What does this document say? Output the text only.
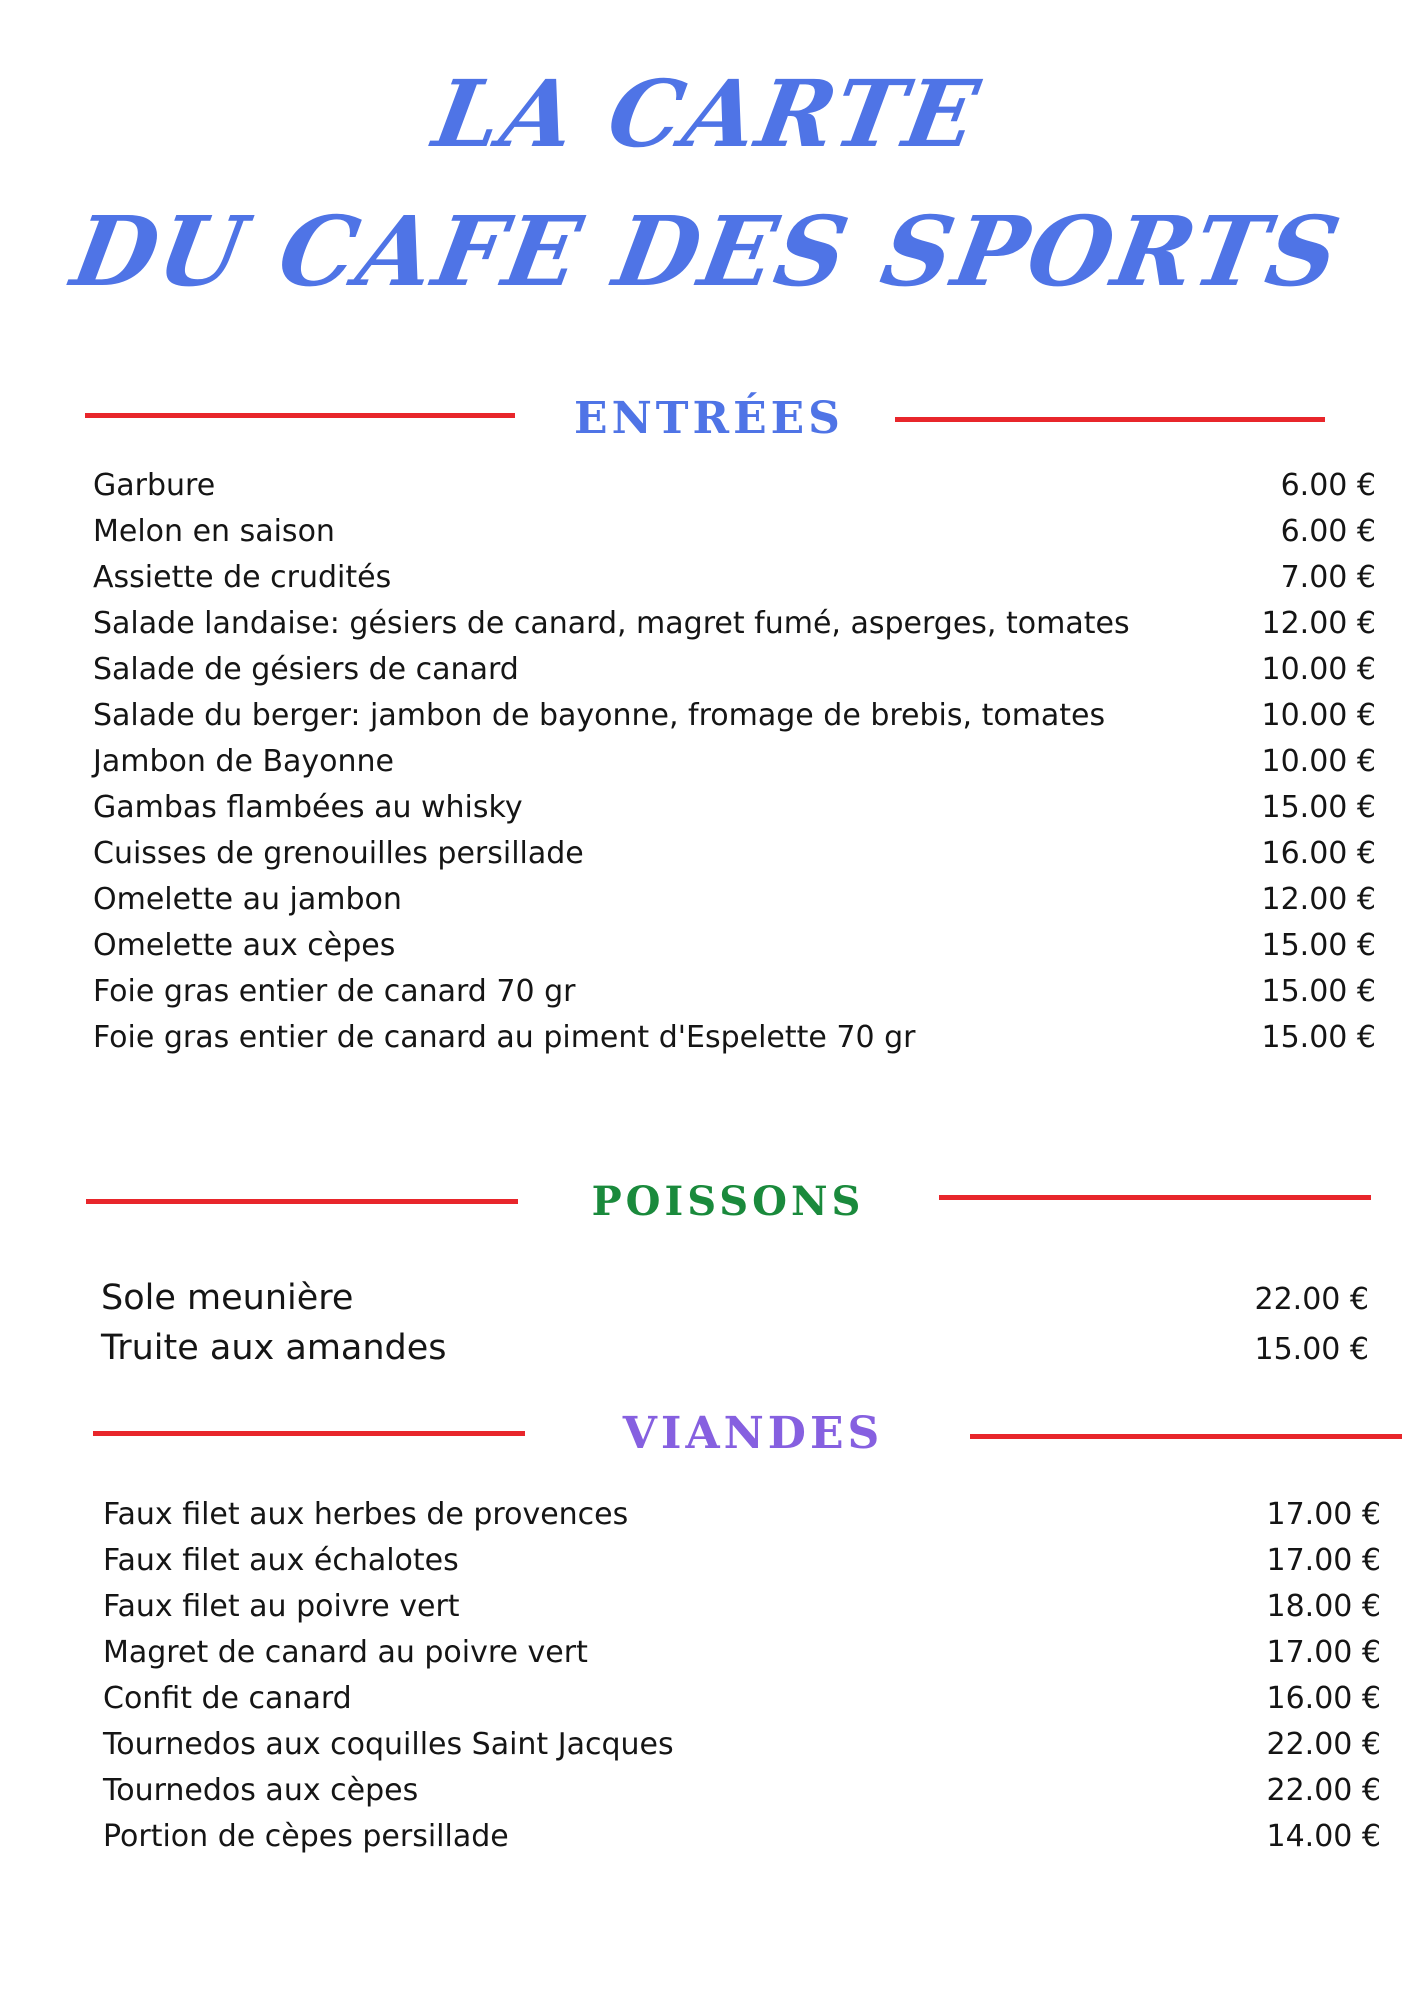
LA CARTE
DU CAFE DES SPORTS
ENTRÉES
Garbure	6.00 €
Melon en saison	6.00 €
Assiette de crudités	7.00 €
Salade landaise: gésiers de canard, magret fumé, asperges, tomates	12.00 €
Salade de gésiers de canard	10.00 €
Salade du berger: jambon de bayonne, fromage de brebis, tomates	10.00 €
Jambon de Bayonne	10.00 €
Gambas flambées au whisky	15.00 €
Cuisses de grenouilles persillade	16.00 €
Omelette au jambon	12.00 €
Omelette aux cèpes	15.00 €
Foie gras entier de canard 70 gr	15.00 €
Foie gras entier de canard au piment d'Espelette 70 gr	15.00 €
POISSONS
Sole meunière	22.00 €
Truite aux amandes	15.00 €
VIANDES
Faux filet aux herbes de provences	17.00 €
Faux filet aux échalotes	17.00 €
Faux filet au poivre vert	18.00 €
Magret de canard au poivre vert	17.00 €
Confit de canard	16.00 €
Tournedos aux coquilles Saint Jacques	22.00 €
Tournedos aux cèpes	22.00 €
Portion de cèpes persillade	14.00 €
